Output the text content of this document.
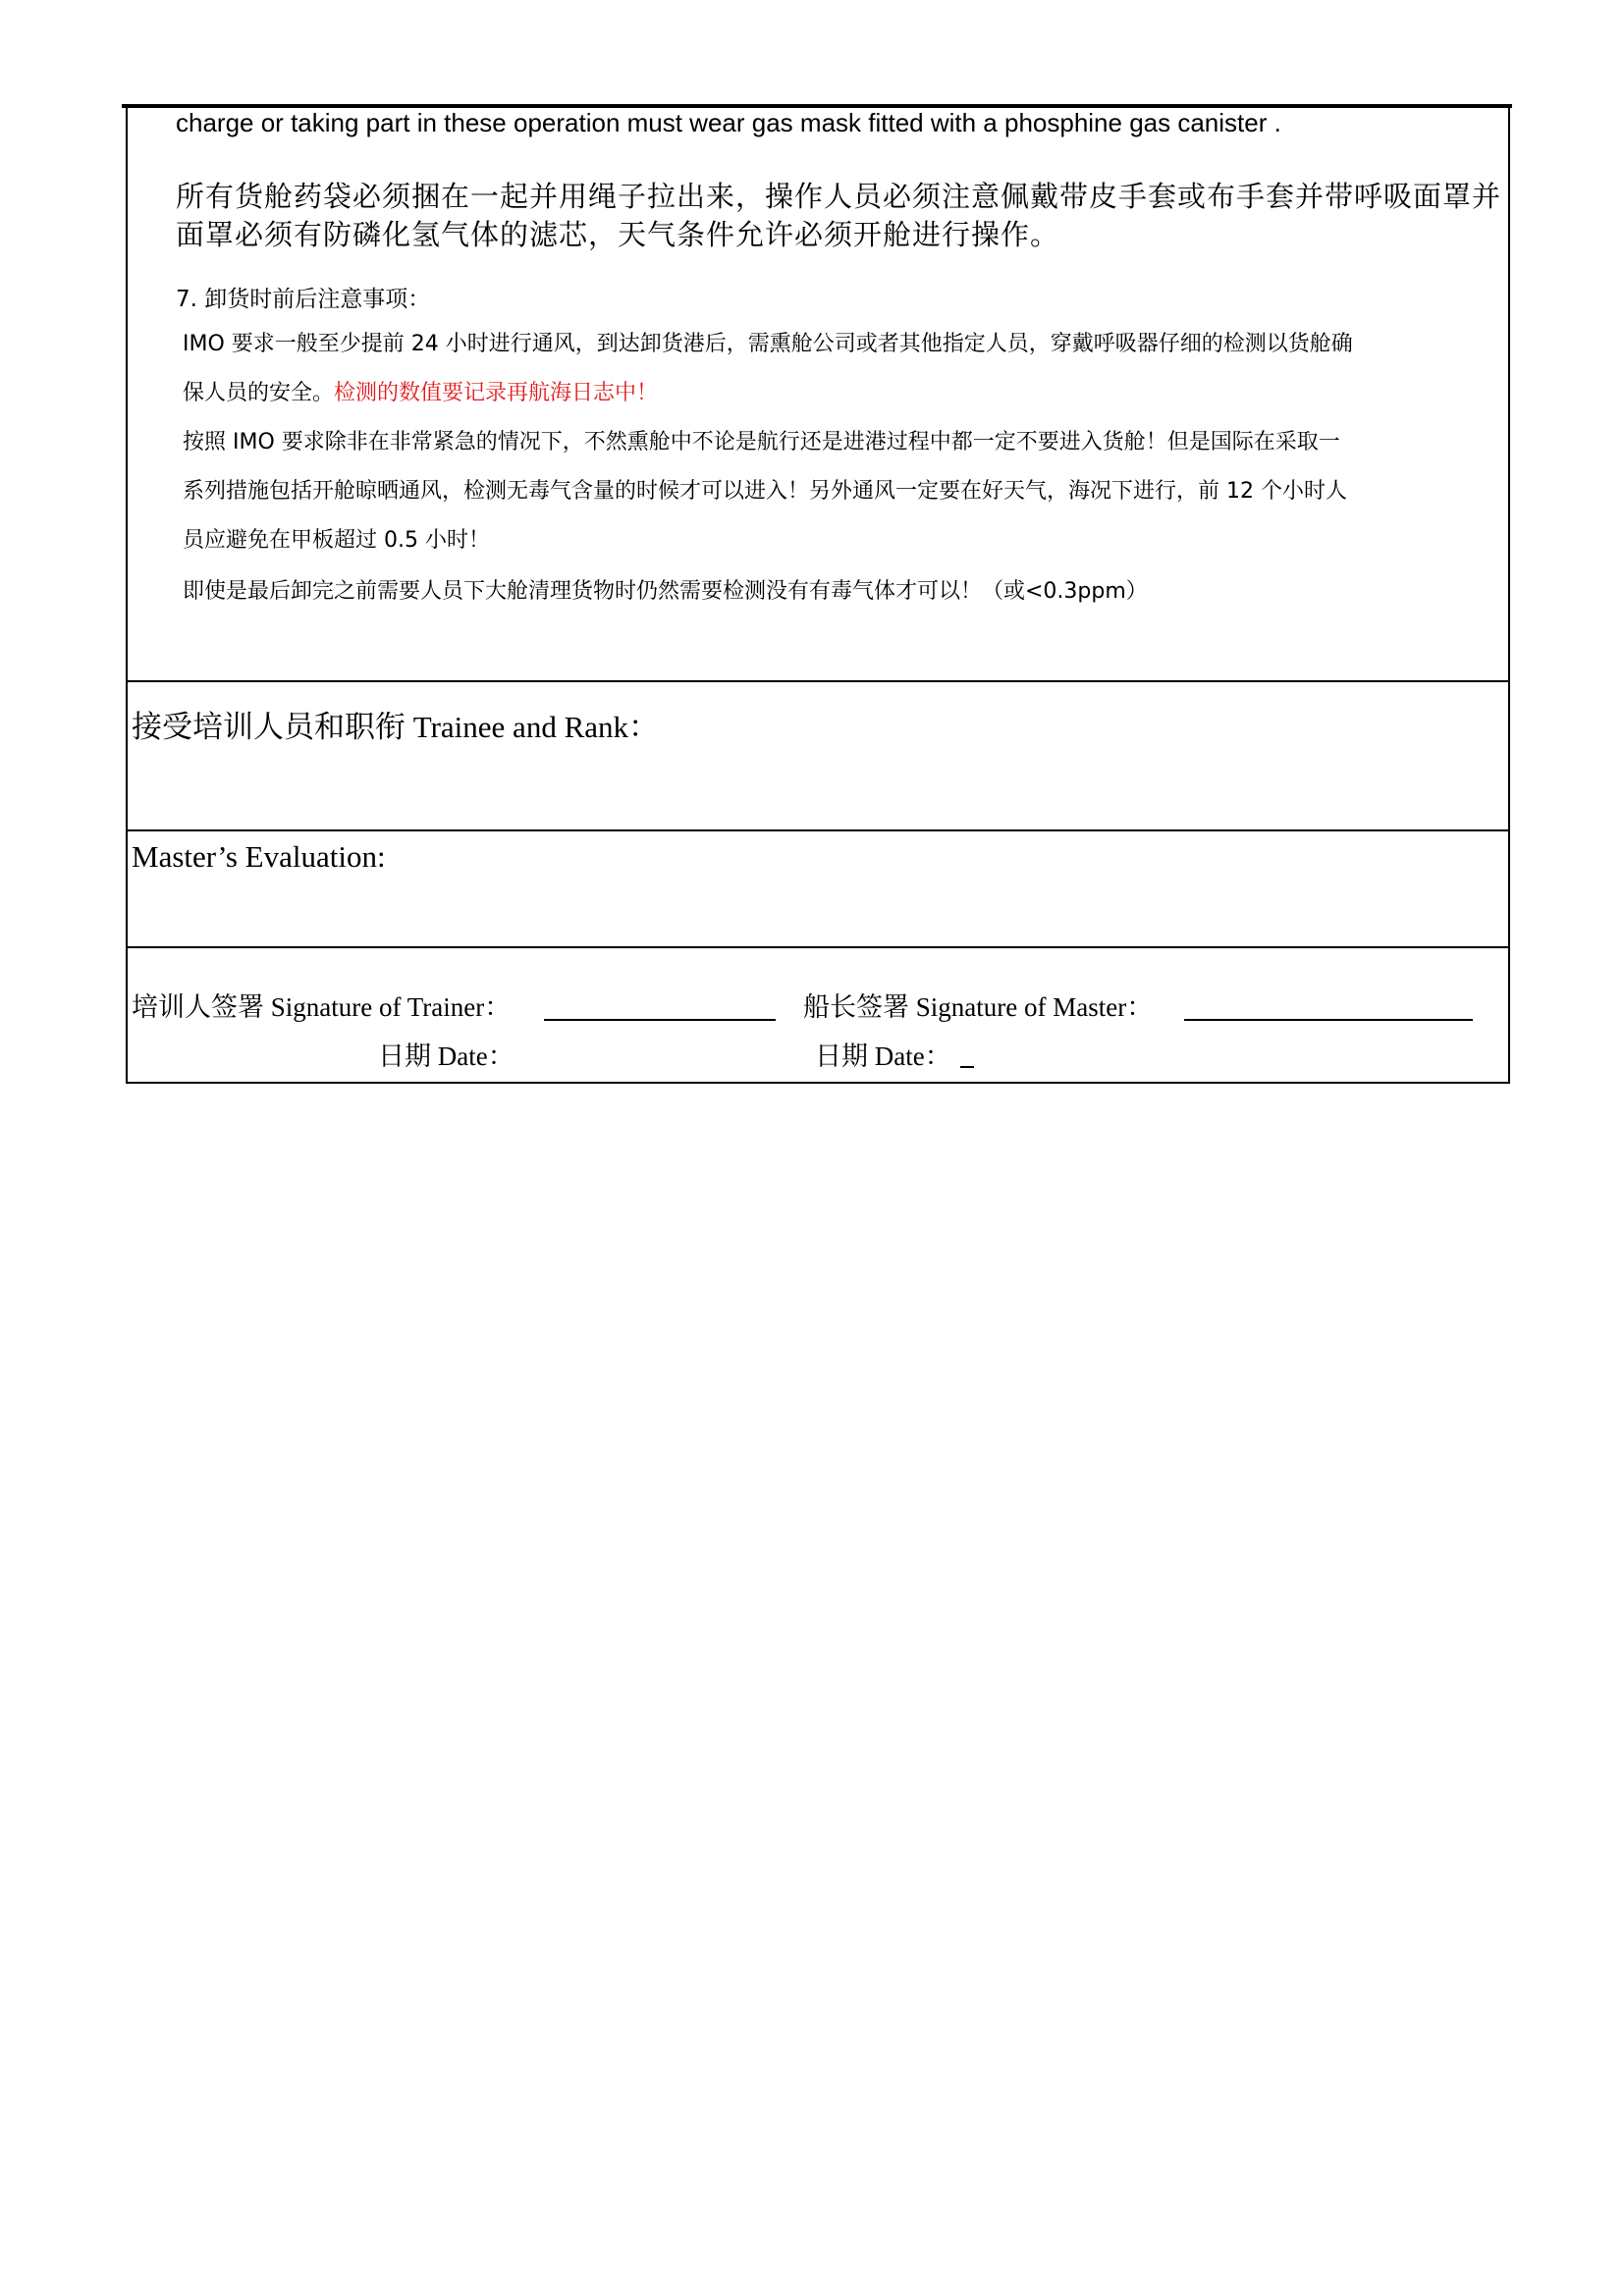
charge or taking part in these operation must wear gas mask fitted with a phosphine gas canister .
所有货舱药袋必须捆在一起并用绳子拉出来，操作人员必须注意佩戴带皮手套或布手套并带呼吸面罩并
面罩必须有防磷化氢气体的滤芯，天气条件允许必须开舱进行操作。
7. 卸货时前后注意事项：
IMO 要求一般至少提前 24 小时进行通风，到达卸货港后，需熏舱公司或者其他指定人员，穿戴呼吸器仔细的检测以货舱确
保人员的安全。检测的数值要记录再航海日志中！
按照 IMO 要求除非在非常紧急的情况下，不然熏舱中不论是航行还是进港过程中都一定不要进入货舱！但是国际在采取一
系列措施包括开舱晾晒通风，检测无毒气含量的时候才可以进入！另外通风一定要在好天气，海况下进行，前 12 个小时人
员应避免在甲板超过 0.5 小时！
即使是最后卸完之前需要人员下大舱清理货物时仍然需要检测没有有毒气体才可以！（或<0.3ppm）
接受培训人员和职衔 Trainee and Rank：
Master’s Evaluation:
培训人签署 Signature of Trainer：	船长签署 Signature of Master：
日期 Date：	日期 Date：
